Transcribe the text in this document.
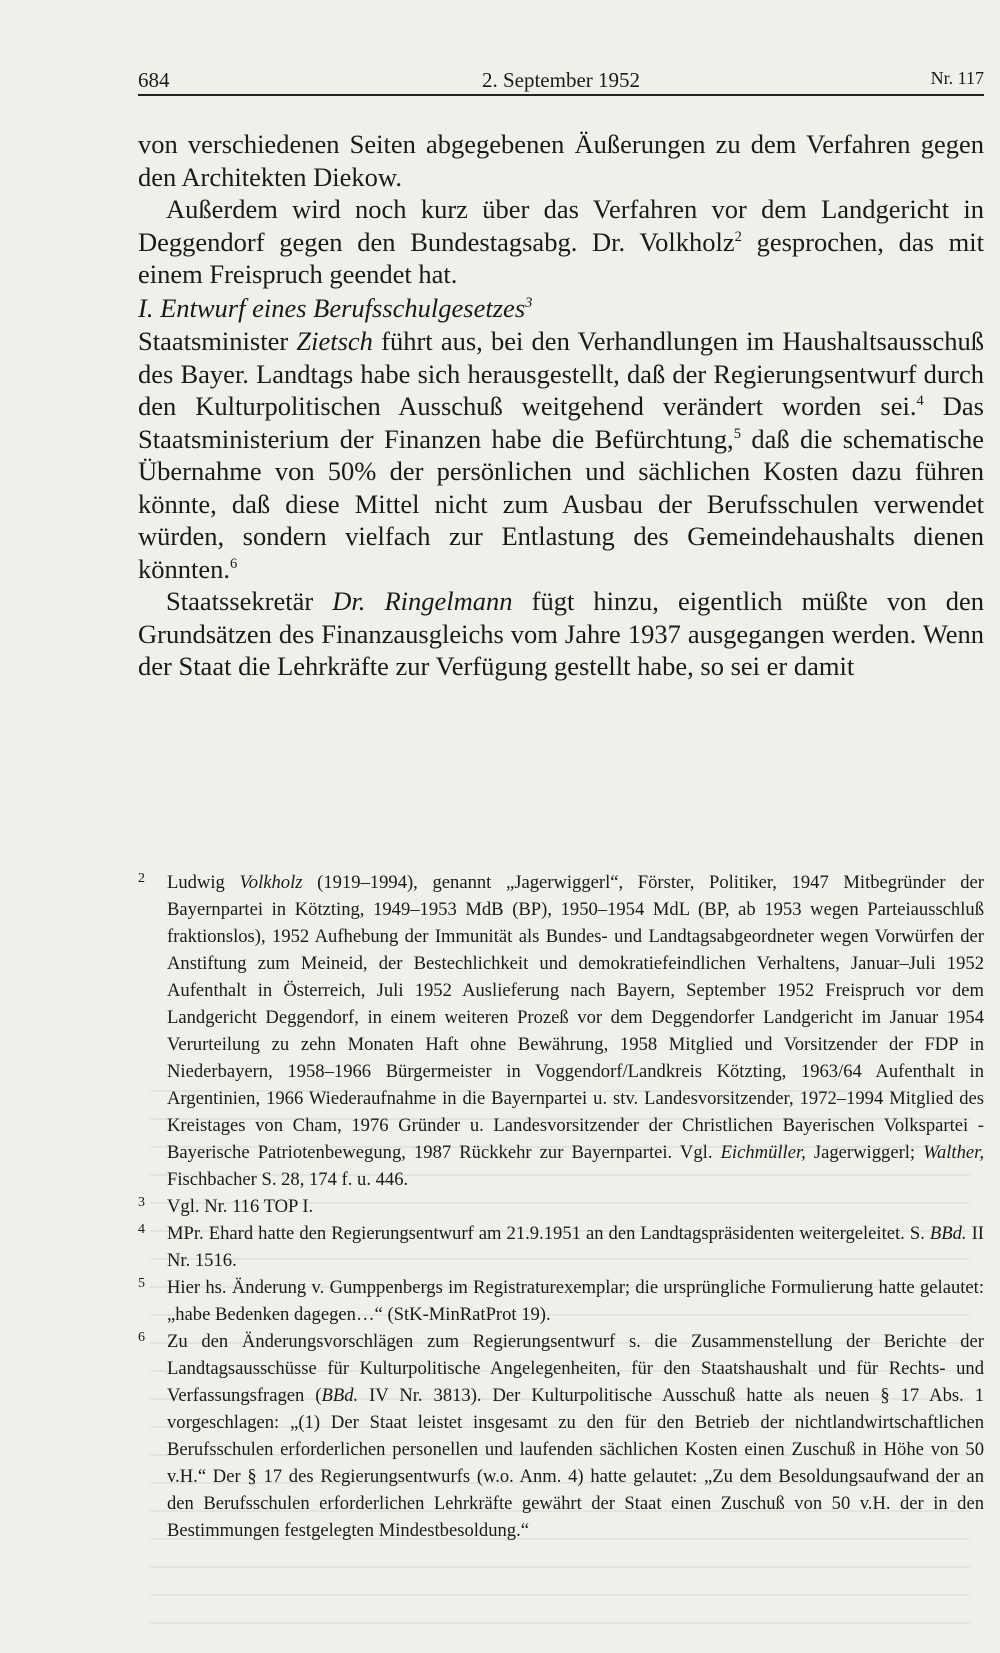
684	2. September 1952	Nr. 117

von verschiedenen Seiten abgegebenen Äußerungen zu dem Verfahren gegen den Architekten Diekow.

Außerdem wird noch kurz über das Verfahren vor dem Landgericht in Deggendorf gegen den Bundestagsabg. Dr. Volkholz$^2$ gesprochen, das mit einem Freispruch geendet hat.

I. Entwurf eines Berufsschulgesetzes$^3$

Staatsminister Zietsch führt aus, bei den Verhandlungen im Haushaltsausschuß des Bayer. Landtags habe sich herausgestellt, daß der Regierungsentwurf durch den Kulturpolitischen Ausschuß weitgehend verändert worden sei.$^4$ Das Staatsministerium der Finanzen habe die Befürchtung,$^5$ daß die schematische Übernahme von 50% der persönlichen und sächlichen Kosten dazu führen könnte, daß diese Mittel nicht zum Ausbau der Berufsschulen verwendet würden, sondern vielfach zur Entlastung des Gemeindehaushalts dienen könnten.$^6$

Staatssekretär Dr. Ringelmann fügt hinzu, eigentlich müßte von den Grundsätzen des Finanzausgleichs vom Jahre 1937 ausgegangen werden. Wenn der Staat die Lehrkräfte zur Verfügung gestellt habe, so sei er damit

2 Ludwig Volkholz (1919–1994), genannt „Jagerwiggerl“, Förster, Politiker, 1947 Mitbegründer der Bayernpartei in Kötzting, 1949–1953 MdB (BP), 1950–1954 MdL (BP, ab 1953 wegen Parteiausschluß fraktionslos), 1952 Aufhebung der Immunität als Bundes- und Landtagsabgeordneter wegen Vorwürfen der Anstiftung zum Meineid, der Bestechlichkeit und demokratiefeindlichen Verhaltens, Januar–Juli 1952 Aufenthalt in Österreich, Juli 1952 Auslieferung nach Bayern, September 1952 Freispruch vor dem Landgericht Deggendorf, in einem weiteren Prozeß vor dem Deggendorfer Landgericht im Januar 1954 Verurteilung zu zehn Monaten Haft ohne Bewährung, 1958 Mitglied und Vorsitzender der FDP in Niederbayern, 1958–1966 Bürgermeister in Voggendorf/Landkreis Kötzting, 1963/64 Aufenthalt in Argentinien, 1966 Wiederaufnahme in die Bayernpartei u. stv. Landesvorsitzender, 1972–1994 Mitglied des Kreistages von Cham, 1976 Gründer u. Landesvorsitzender der Christlichen Bayerischen Volkspartei - Bayerische Patriotenbewegung, 1987 Rückkehr zur Bayernpartei. Vgl. Eichmüller, Jagerwiggerl; Walther, Fischbacher S. 28, 174 f. u. 446.
3 Vgl. Nr. 116 TOP I.
4 MPr. Ehard hatte den Regierungsentwurf am 21.9.1951 an den Landtagspräsidenten weitergeleitet. S. BBd. II Nr. 1516.
5 Hier hs. Änderung v. Gumppenbergs im Registraturexemplar; die ursprüngliche Formulierung hatte gelautet: „habe Bedenken dagegen…“ (StK-MinRatProt 19).
6 Zu den Änderungsvorschlägen zum Regierungsentwurf s. die Zusammenstellung der Berichte der Landtagsausschüsse für Kulturpolitische Angelegenheiten, für den Staatshaushalt und für Rechts- und Verfassungsfragen (BBd. IV Nr. 3813). Der Kulturpolitische Ausschuß hatte als neuen § 17 Abs. 1 vorgeschlagen: „(1) Der Staat leistet insgesamt zu den für den Betrieb der nichtlandwirtschaftlichen Berufsschulen erforderlichen personellen und laufenden sächlichen Kosten einen Zuschuß in Höhe von 50 v.H.“ Der § 17 des Regierungsentwurfs (w.o. Anm. 4) hatte gelautet: „Zu dem Besoldungsaufwand der an den Berufsschulen erforderlichen Lehrkräfte gewährt der Staat einen Zuschuß von 50 v.H. der in den Bestimmungen festgelegten Mindestbesoldung.“
